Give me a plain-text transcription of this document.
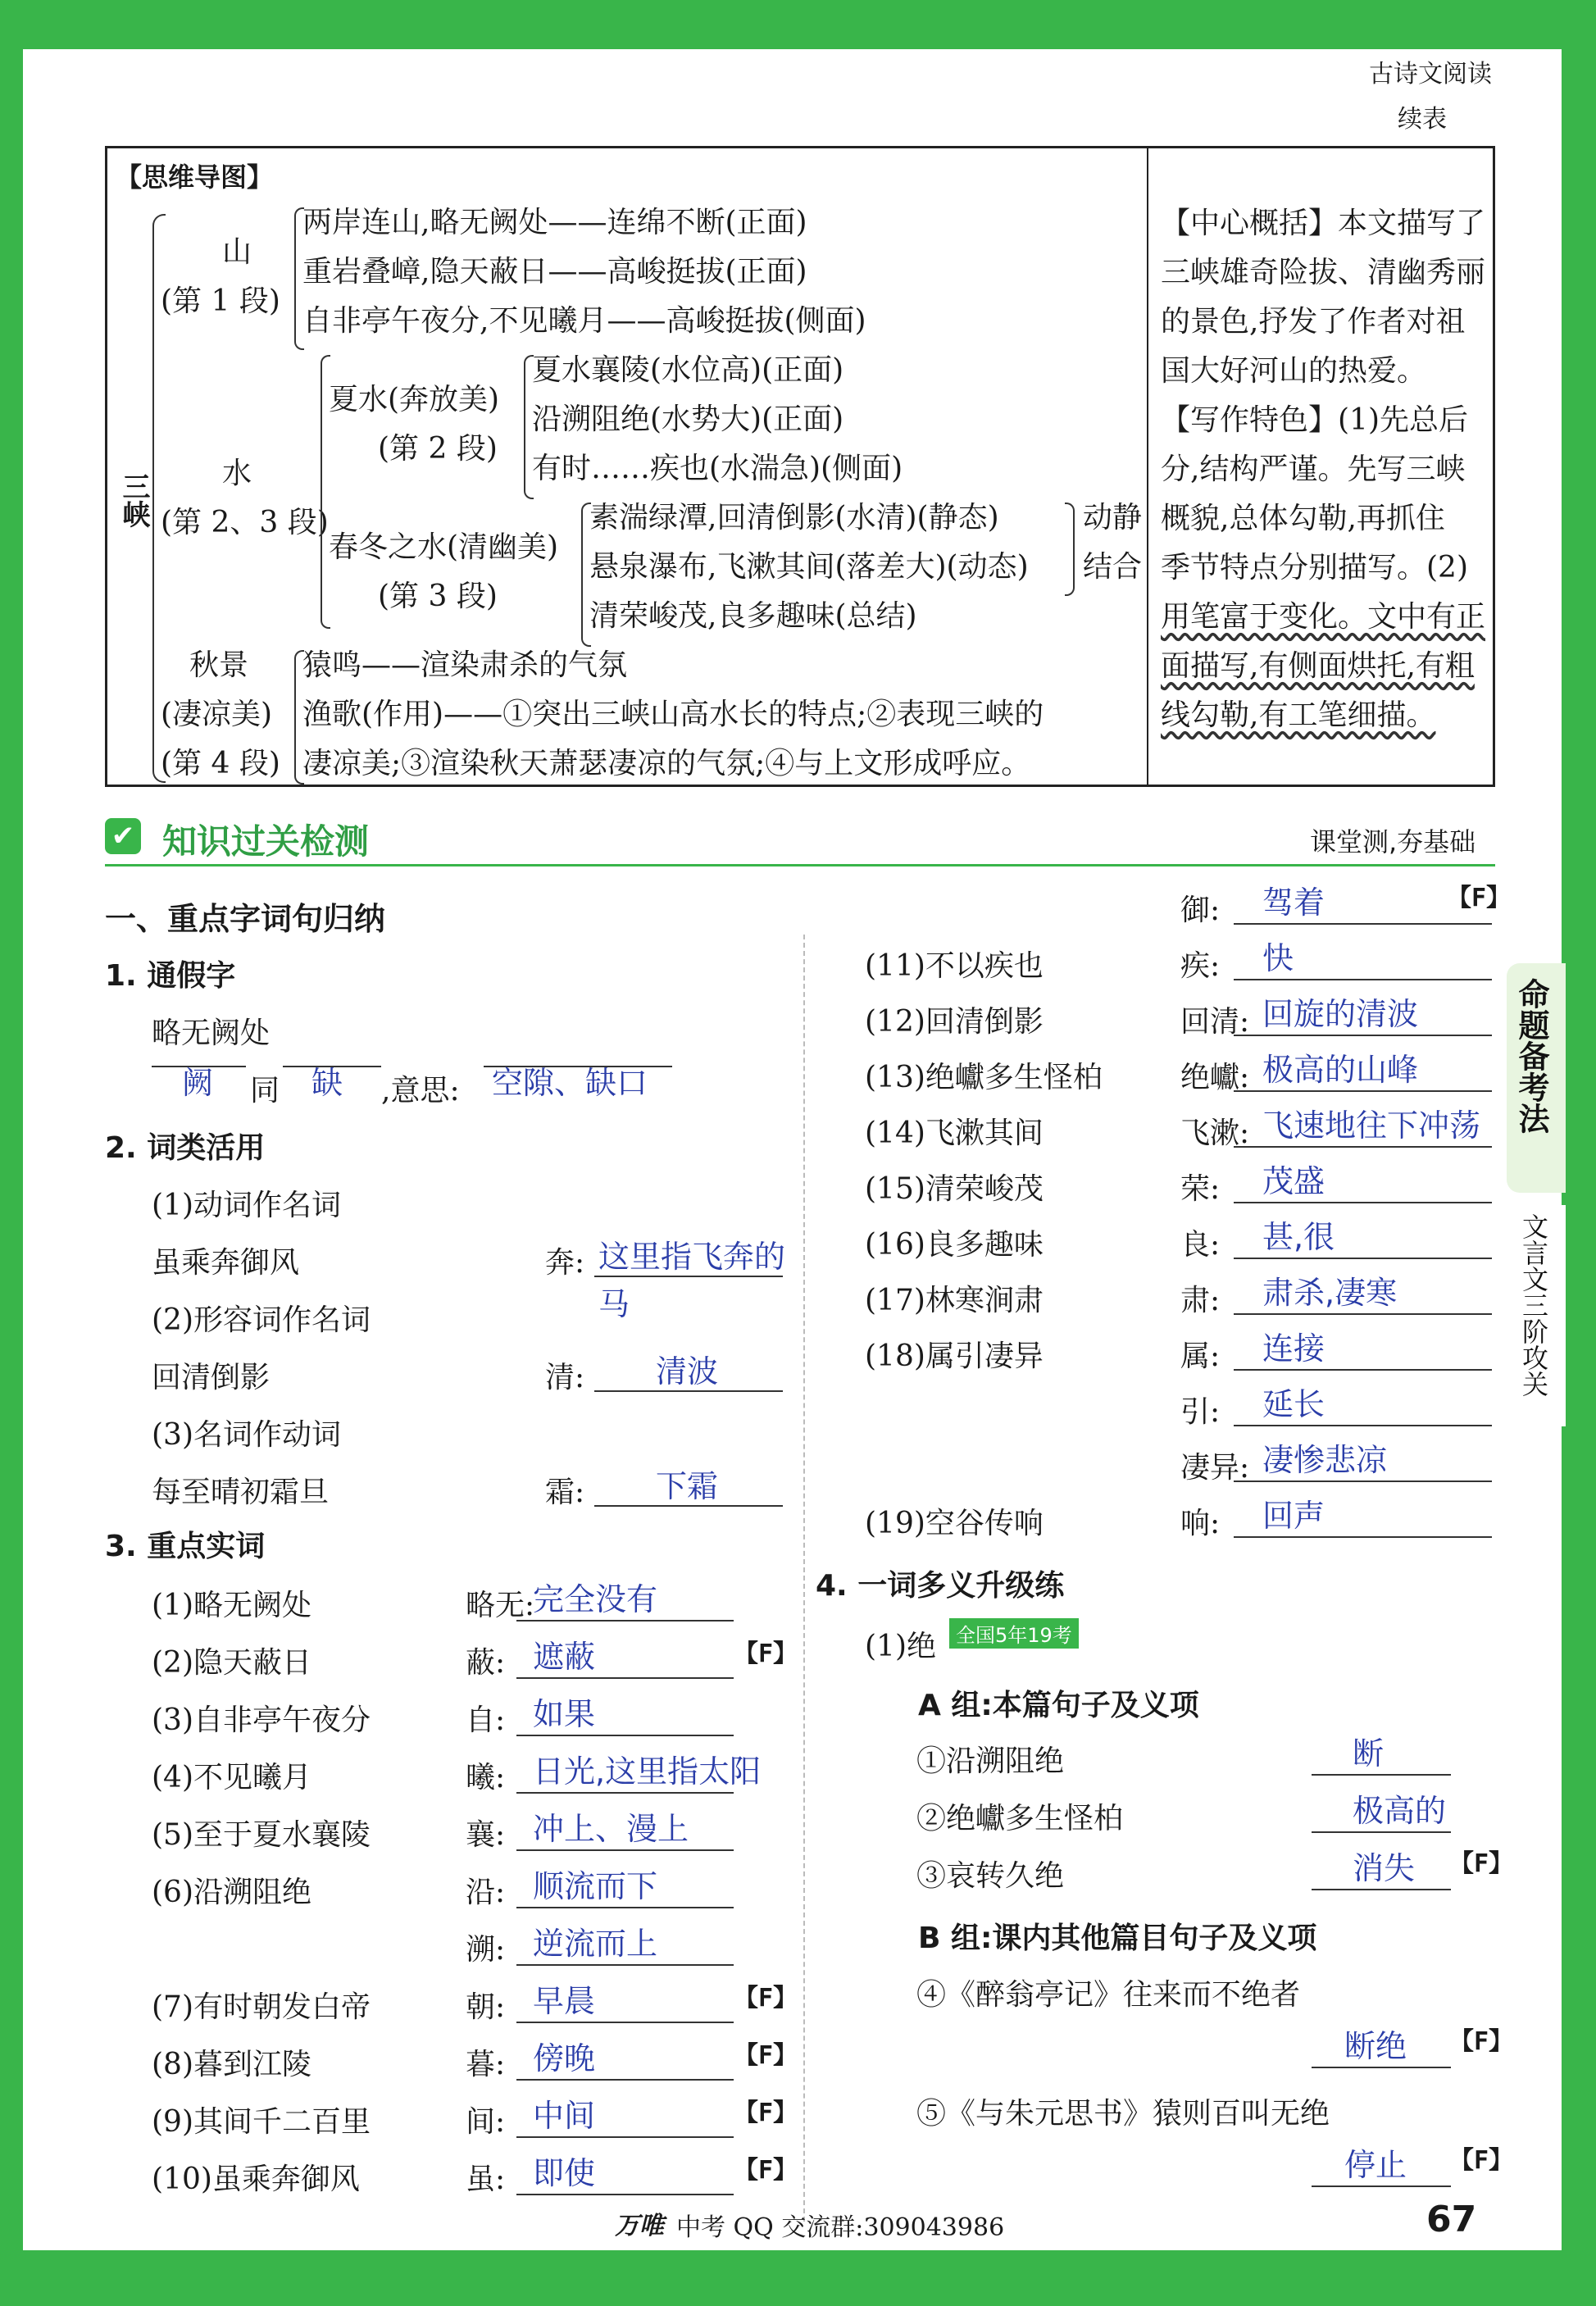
古诗文阅读
续表
【思维导图】
三峡
山
(第 1 段)
两岸连山,略无阙处——连绵不断(正面)
重岩叠嶂,隐天蔽日——高峻挺拔(正面)
自非亭午夜分,不见曦月——高峻挺拔(侧面)
水
(第 2、3 段)
夏水(奔放美)
(第 2 段)
夏水襄陵(水位高)(正面)
沿溯阻绝(水势大)(正面)
有时……疾也(水湍急)(侧面)
春冬之水(清幽美)
(第 3 段)
素湍绿潭,回清倒影(水清)(静态)
悬泉瀑布,飞漱其间(落差大)(动态)
清荣峻茂,良多趣味(总结)
动静
结合
秋景
(凄凉美)
(第 4 段)
猿鸣——渲染肃杀的气氛
渔歌(作用)——①突出三峡山高水长的特点;②表现三峡的
凄凉美;③渲染秋天萧瑟凄凉的气氛;④与上文形成呼应。
【中心概括】本文描写了
三峡雄奇险拔、清幽秀丽
的景色,抒发了作者对祖
国大好河山的热爱。
【写作特色】(1)先总后
分,结构严谨。先写三峡
概貌,总体勾勒,再抓住
季节特点分别描写。(2)
用笔富于变化。文中有正
面描写,有侧面烘托,有粗
线勾勒,有工笔细描。
✔ 知识过关检测	课堂测,夯基础
一、重点字词句归纳
1. 通假字
略无阙处
阙 同 缺 ,意思: 空隙、缺口
2. 词类活用
(1)动词作名词
虽乘奔御风	奔: 这里指飞奔的
马
(2)形容词作名词
回清倒影	清: 清波
(3)名词作动词
每至晴初霜旦	霜: 下霜
3. 重点实词
(1)略无阙处	略无:
完全没有
(2)隐天蔽日	蔽: 遮蔽	【F】
(3)自非亭午夜分	自: 如果
(4)不见曦月	曦: 日光,这里指太阳
(5)至于夏水襄陵	襄: 冲上、漫上
(6)沿溯阻绝	沿: 顺流而下
溯: 逆流而上
(7)有时朝发白帝	朝: 早晨	【F】
(8)暮到江陵	暮: 傍晚	【F】
(9)其间千二百里	间: 中间	【F】
(10)虽乘奔御风	虽: 即使	【F】
御: 驾着	【F】
(11)不以疾也	疾: 快
(12)回清倒影	回清: 回旋的清波
(13)绝巘多生怪柏	绝巘: 极高的山峰
(14)飞漱其间	飞漱: 飞速地往下冲荡
(15)清荣峻茂	荣: 茂盛
(16)良多趣味	良: 甚,很
(17)林寒涧肃	肃: 肃杀,凄寒
(18)属引凄异	属: 连接
引: 延长
凄异: 凄惨悲凉
(19)空谷传响	响: 回声
4. 一词多义升级练
(1)绝	全国5年19考
A 组:本篇句子及义项
①沿溯阻绝	断
②绝巘多生怪柏	极高的
③哀转久绝	消失 【F】
B 组:课内其他篇目句子及义项
④《醉翁亭记》往来而不绝者
断绝 【F】
⑤《与朱元思书》猿则百叫无绝
停止 【F】
命题备考法
文言文三阶攻关
万唯 中考 QQ 交流群:309043986	67
